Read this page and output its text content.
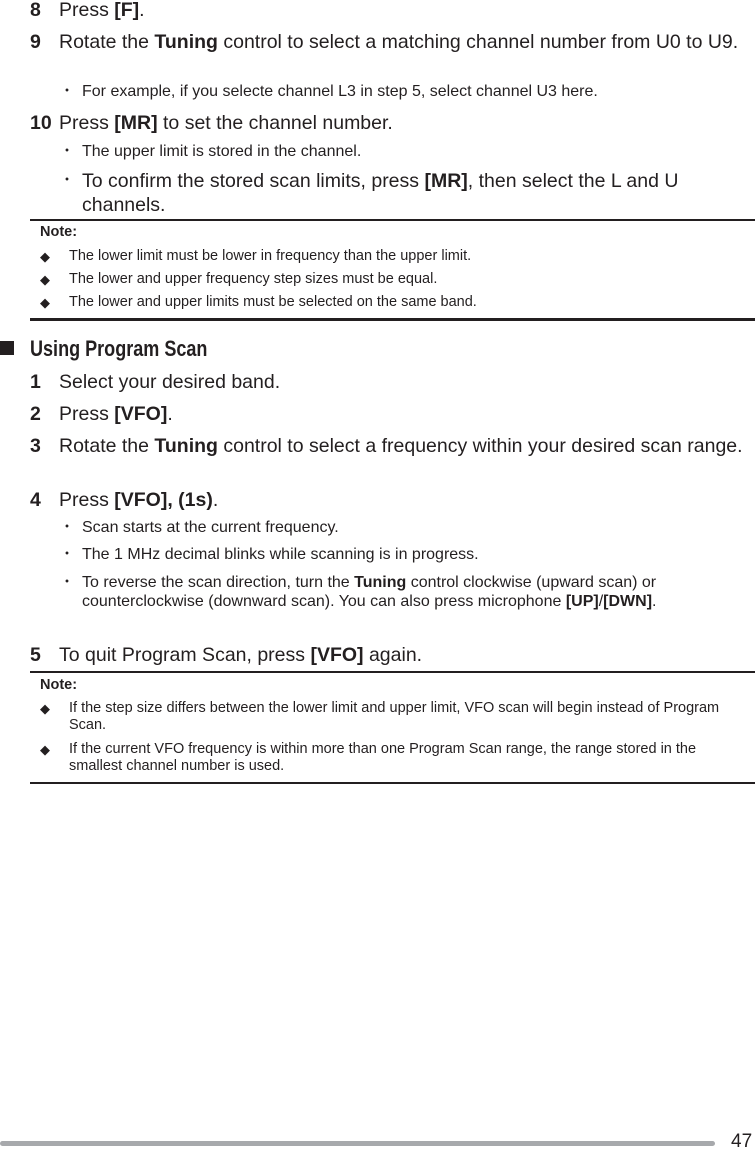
8 Press [F].
9 Rotate the Tuning control to select a matching channel number from U0 to U9.
・ For example, if you selecte channel L3 in step 5, select channel U3 here.
10 Press [MR] to set the channel number.
・ The upper limit is stored in the channel.
・ To confirm the stored scan limits, press [MR], then select the L and U channels.
Note:
◆ The lower limit must be lower in frequency than the upper limit.
◆ The lower and upper frequency step sizes must be equal.
◆ The lower and upper limits must be selected on the same band.
Using Program Scan
1 Select your desired band.
2 Press [VFO].
3 Rotate the Tuning control to select a frequency within your desired scan range.
4 Press [VFO], (1s).
・ Scan starts at the current frequency.
・ The 1 MHz decimal blinks while scanning is in progress.
・ To reverse the scan direction, turn the Tuning control clockwise (upward scan) or counterclockwise (downward scan). You can also press microphone [UP]/[DWN].
5 To quit Program Scan, press [VFO] again.
Note:
◆ If the step size differs between the lower limit and upper limit, VFO scan will begin instead of Program Scan.
◆ If the current VFO frequency is within more than one Program Scan range, the range stored in the smallest channel number is used.
47
